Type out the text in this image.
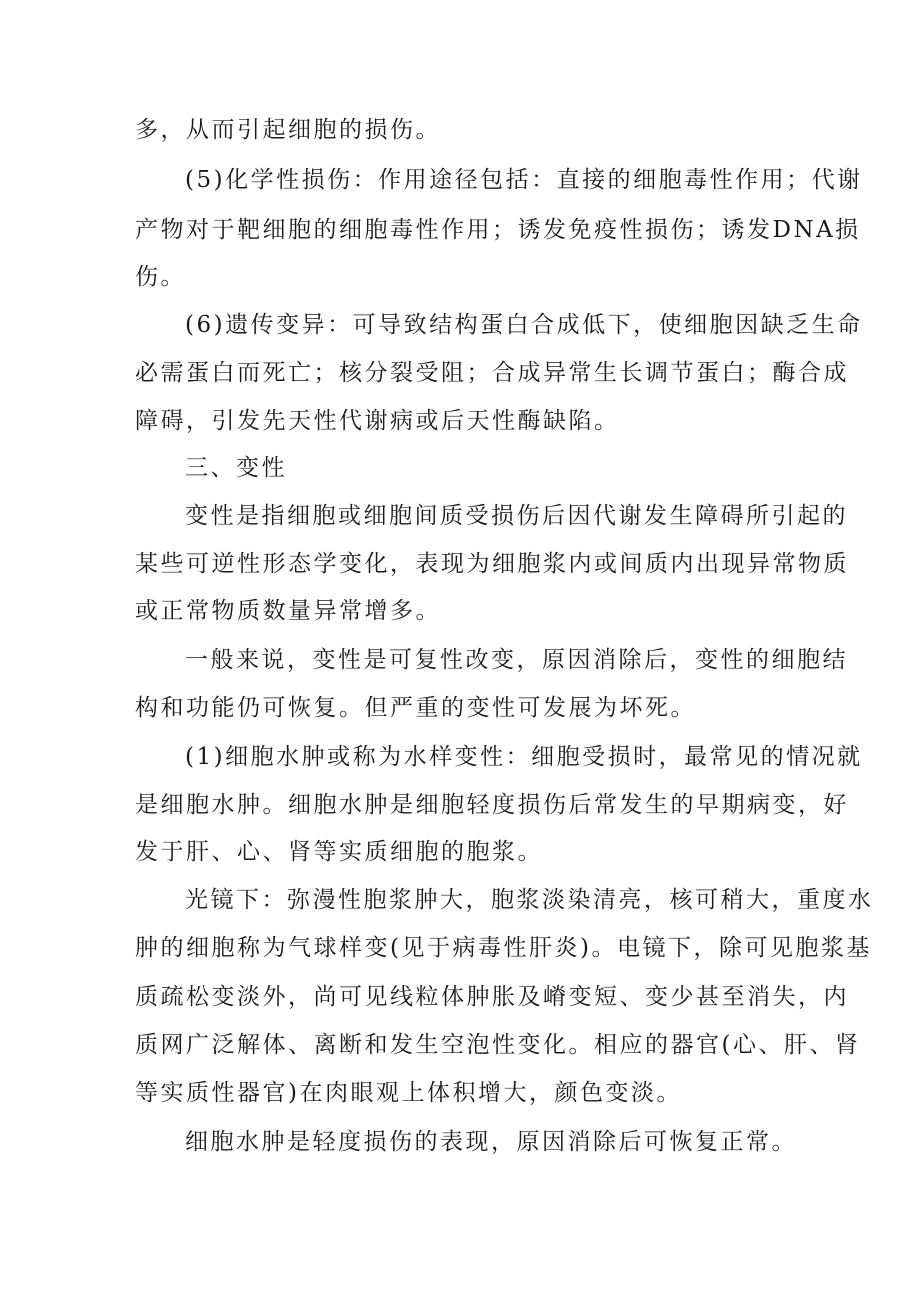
多，从而引起细胞的损伤。
(5)化学性损伤：作用途径包括：直接的细胞毒性作用；代谢
产物对于靶细胞的细胞毒性作用；诱发免疫性损伤；诱发DNA损
伤。
(6)遗传变异：可导致结构蛋白合成低下，使细胞因缺乏生命
必需蛋白而死亡；核分裂受阻；合成异常生长调节蛋白；酶合成
障碍，引发先天性代谢病或后天性酶缺陷。
三、变性
变性是指细胞或细胞间质受损伤后因代谢发生障碍所引起的
某些可逆性形态学变化，表现为细胞浆内或间质内出现异常物质
或正常物质数量异常增多。
一般来说，变性是可复性改变，原因消除后，变性的细胞结
构和功能仍可恢复。但严重的变性可发展为坏死。
(1)细胞水肿或称为水样变性：细胞受损时，最常见的情况就
是细胞水肿。细胞水肿是细胞轻度损伤后常发生的早期病变，好
发于肝、心、肾等实质细胞的胞浆。
光镜下：弥漫性胞浆肿大，胞浆淡染清亮，核可稍大，重度水
肿的细胞称为气球样变(见于病毒性肝炎)。电镜下，除可见胞浆基
质疏松变淡外，尚可见线粒体肿胀及嵴变短、变少甚至消失，内
质网广泛解体、离断和发生空泡性变化。相应的器官(心、肝、肾
等实质性器官)在肉眼观上体积增大，颜色变淡。
细胞水肿是轻度损伤的表现，原因消除后可恢复正常。
